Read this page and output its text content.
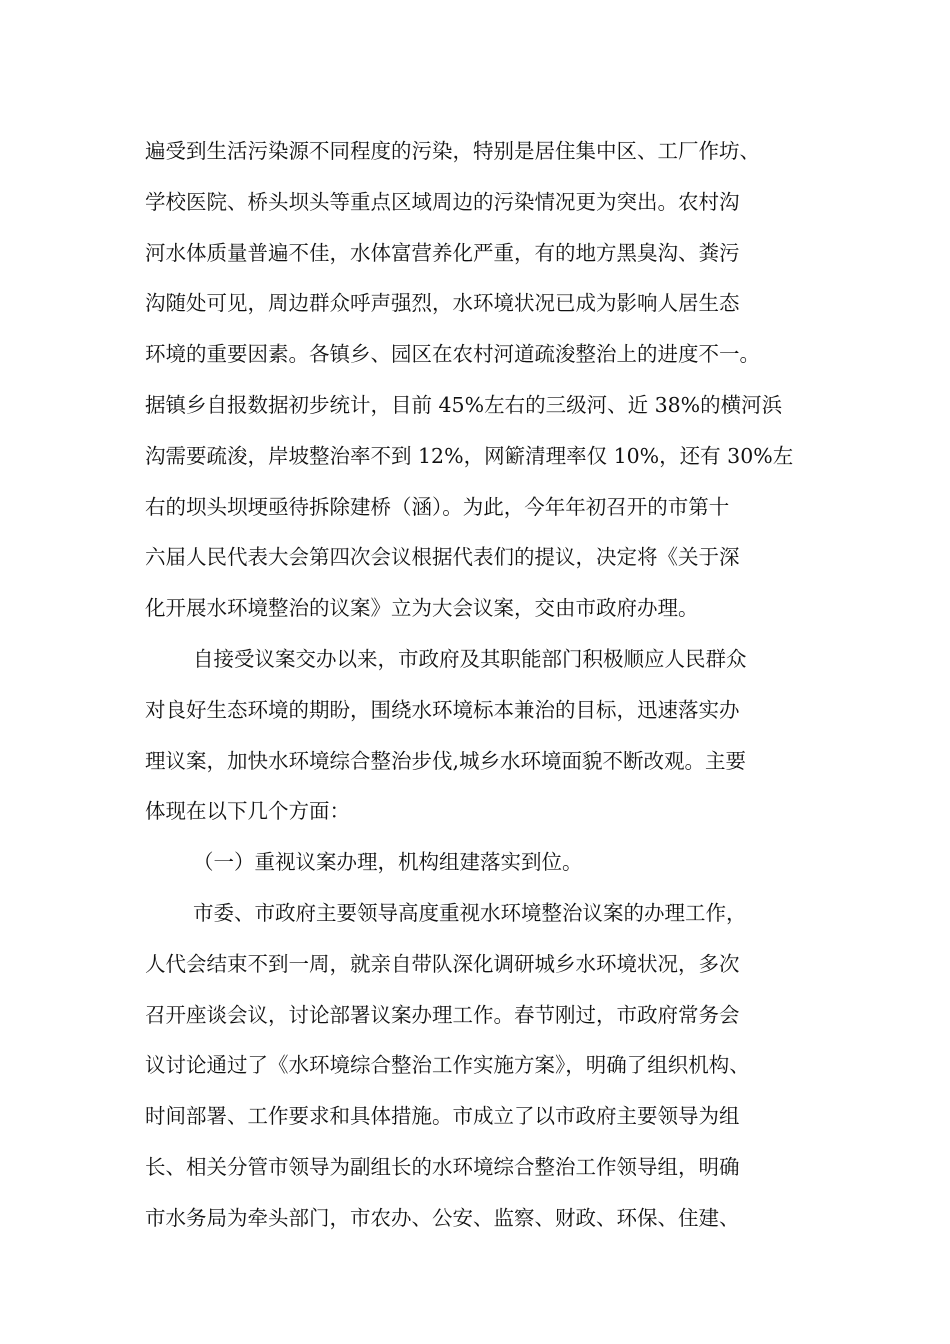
遍受到生活污染源不同程度的污染，特别是居住集中区、工厂作坊、
学校医院、桥头坝头等重点区域周边的污染情况更为突出。农村沟
河水体质量普遍不佳，水体富营养化严重，有的地方黑臭沟、粪污
沟随处可见，周边群众呼声强烈，水环境状况已成为影响人居生态
环境的重要因素。各镇乡、园区在农村河道疏浚整治上的进度不一。
据镇乡自报数据初步统计，目前 45%左右的三级河、近 38%的横河浜
沟需要疏浚，岸坡整治率不到 12%，网簖清理率仅 10%，还有 30%左
右的坝头坝埂亟待拆除建桥（涵）。为此，今年年初召开的市第十
六届人民代表大会第四次会议根据代表们的提议，决定将《关于深
化开展水环境整治的议案》立为大会议案，交由市政府办理。
自接受议案交办以来，市政府及其职能部门积极顺应人民群众
对良好生态环境的期盼，围绕水环境标本兼治的目标，迅速落实办
理议案，加快水环境综合整治步伐,城乡水环境面貌不断改观。主要
体现在以下几个方面：
（一）重视议案办理，机构组建落实到位。
市委、市政府主要领导高度重视水环境整治议案的办理工作，
人代会结束不到一周，就亲自带队深化调研城乡水环境状况，多次
召开座谈会议，讨论部署议案办理工作。春节刚过，市政府常务会
议讨论通过了《水环境综合整治工作实施方案》，明确了组织机构、
时间部署、工作要求和具体措施。市成立了以市政府主要领导为组
长、相关分管市领导为副组长的水环境综合整治工作领导组，明确
市水务局为牵头部门，市农办、公安、监察、财政、环保、住建、
